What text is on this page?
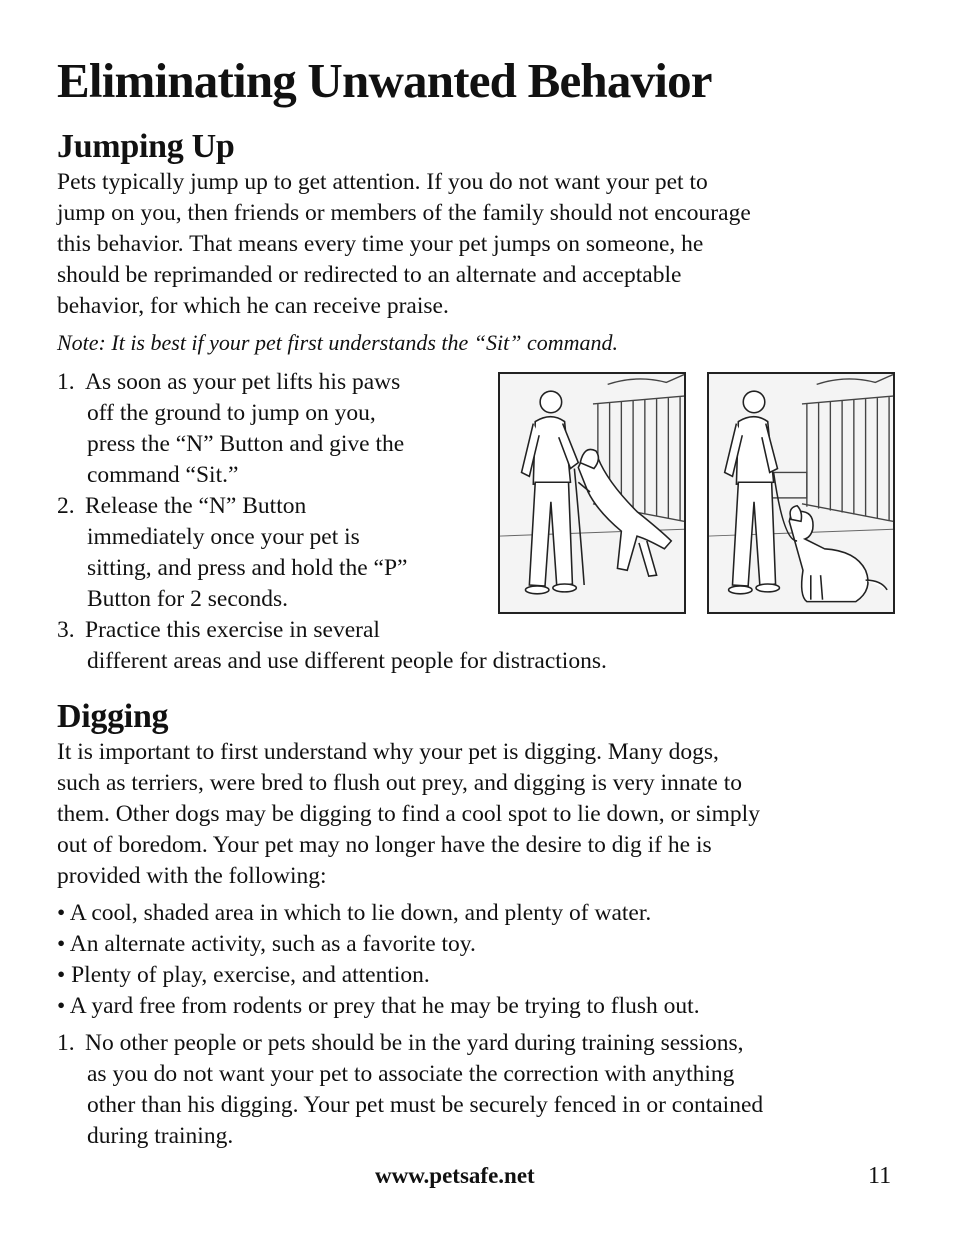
Eliminating Unwanted Behavior
Jumping Up
Pets typically jump up to get attention. If you do not want your pet to
jump on you, then friends or members of the family should not encourage
this behavior. That means every time your pet jumps on someone, he
should be reprimanded or redirected to an alternate and acceptable
behavior, for which he can receive praise.
Note: It is best if your pet first understands the “Sit” command.
1. As soon as your pet lifts his paws
off the ground to jump on you,
press the “N” Button and give the
command “Sit.”
2. Release the “N” Button
immediately once your pet is
sitting, and press and hold the “P”
Button for 2 seconds.
3. Practice this exercise in several
different areas and use different people for distractions.
Digging
It is important to first understand why your pet is digging. Many dogs,
such as terriers, were bred to flush out prey, and digging is very innate to
them. Other dogs may be digging to find a cool spot to lie down, or simply
out of boredom. Your pet may no longer have the desire to dig if he is
provided with the following:
• A cool, shaded area in which to lie down, and plenty of water.
• An alternate activity, such as a favorite toy.
• Plenty of play, exercise, and attention.
• A yard free from rodents or prey that he may be trying to flush out.
1. No other people or pets should be in the yard during training sessions,
as you do not want your pet to associate the correction with anything
other than his digging. Your pet must be securely fenced in or contained
during training.
www.petsafe.net	11
